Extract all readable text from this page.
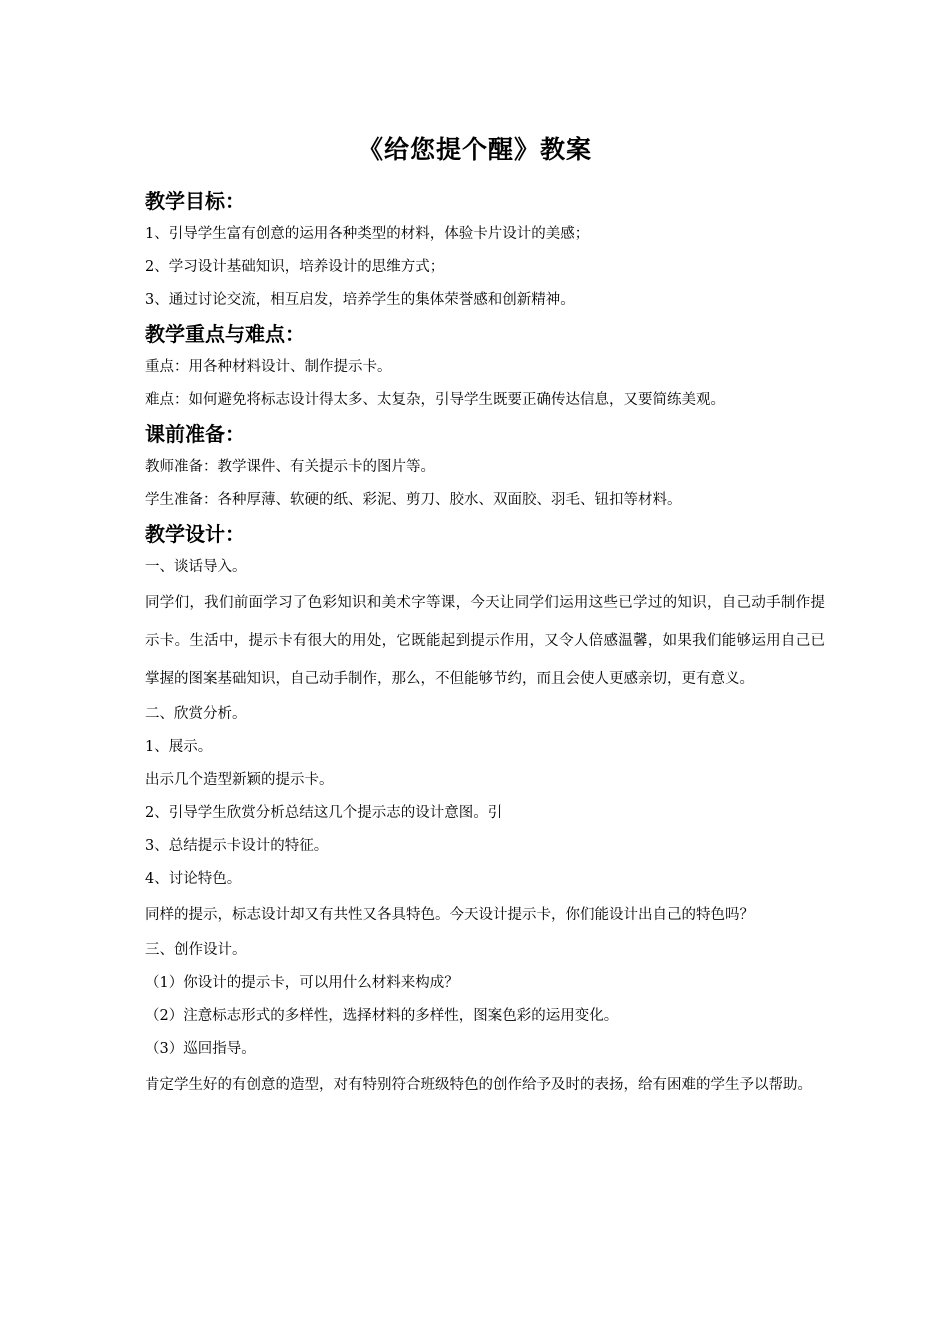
《给您提个醒》教案
教学目标：
1、引导学生富有创意的运用各种类型的材料，体验卡片设计的美感；
2、学习设计基础知识，培养设计的思维方式；
3、通过讨论交流，相互启发，培养学生的集体荣誉感和创新精神。
教学重点与难点：
重点：用各种材料设计、制作提示卡。
难点：如何避免将标志设计得太多、太复杂，引导学生既要正确传达信息，又要简练美观。
课前准备：
教师准备：教学课件、有关提示卡的图片等。
学生准备：各种厚薄、软硬的纸、彩泥、剪刀、胶水、双面胶、羽毛、钮扣等材料。
教学设计：
一、谈话导入。
同学们，我们前面学习了色彩知识和美术字等课，今天让同学们运用这些已学过的知识，自己动手制作提示卡。生活中，提示卡有很大的用处，它既能起到提示作用，又令人倍感温馨，如果我们能够运用自己已掌握的图案基础知识，自己动手制作，那么，不但能够节约，而且会使人更感亲切，更有意义。
二、欣赏分析。
1、展示。
出示几个造型新颖的提示卡。
2、引导学生欣赏分析总结这几个提示志的设计意图。引
3、总结提示卡设计的特征。
4、讨论特色。
同样的提示，标志设计却又有共性又各具特色。今天设计提示卡，你们能设计出自己的特色吗？
三、创作设计。
（1）你设计的提示卡，可以用什么材料来构成？
（2）注意标志形式的多样性，选择材料的多样性，图案色彩的运用变化。
（3）巡回指导。
肯定学生好的有创意的造型，对有特别符合班级特色的创作给予及时的表扬，给有困难的学生予以帮助。
